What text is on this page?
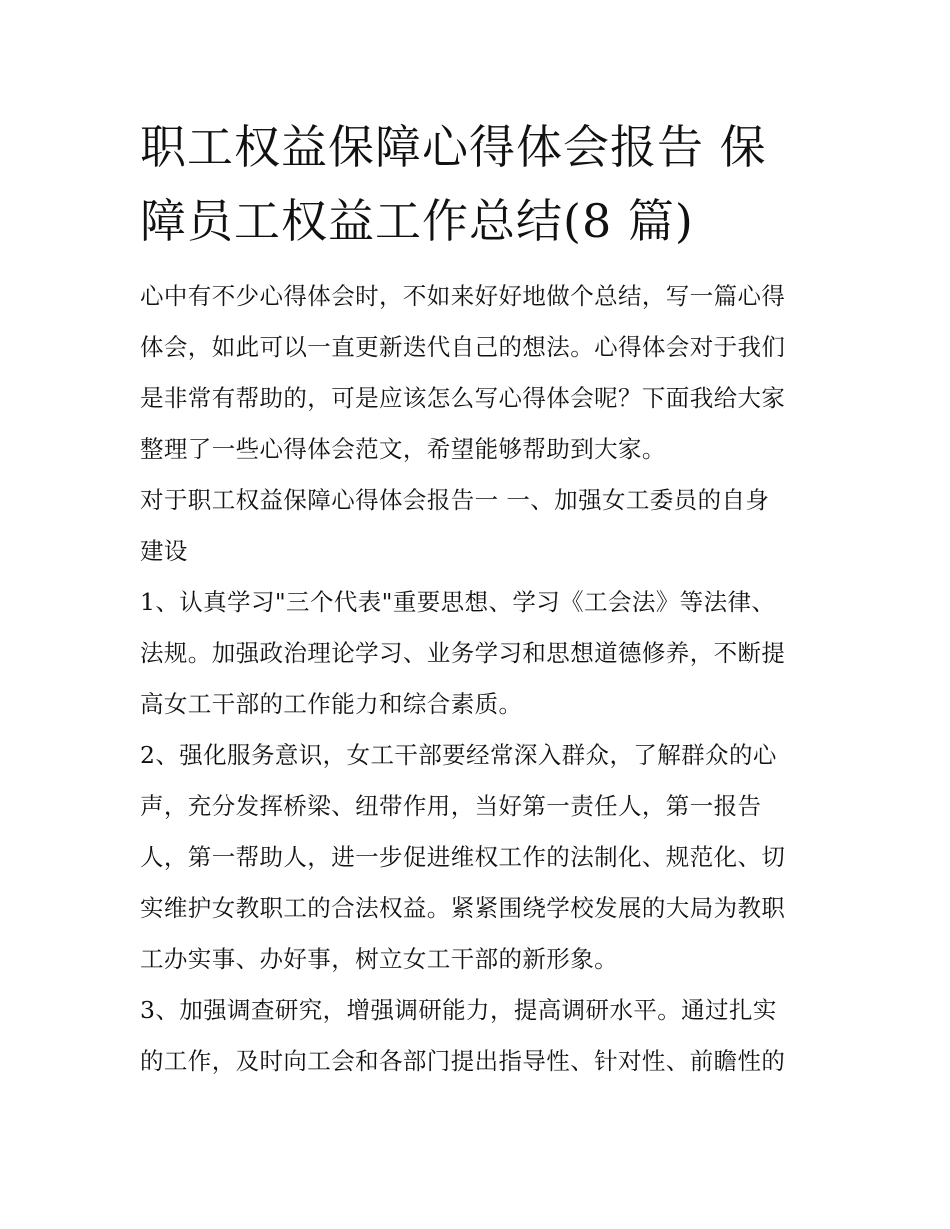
职工权益保障心得体会报告 保
障员工权益工作总结(8 篇)
心中有不少心得体会时，不如来好好地做个总结，写一篇心得
体会，如此可以一直更新迭代自己的想法。心得体会对于我们
是非常有帮助的，可是应该怎么写心得体会呢？下面我给大家
整理了一些心得体会范文，希望能够帮助到大家。
对于职工权益保障心得体会报告一 一、加强女工委员的自身
建设
1、认真学习"三个代表"重要思想、学习《工会法》等法律、
法规。加强政治理论学习、业务学习和思想道德修养，不断提
高女工干部的工作能力和综合素质。
2、强化服务意识，女工干部要经常深入群众，了解群众的心
声，充分发挥桥梁、纽带作用，当好第一责任人，第一报告
人，第一帮助人，进一步促进维权工作的法制化、规范化、切
实维护女教职工的合法权益。紧紧围绕学校发展的大局为教职
工办实事、办好事，树立女工干部的新形象。
3、加强调查研究，增强调研能力，提高调研水平。通过扎实
的工作，及时向工会和各部门提出指导性、针对性、前瞻性的
